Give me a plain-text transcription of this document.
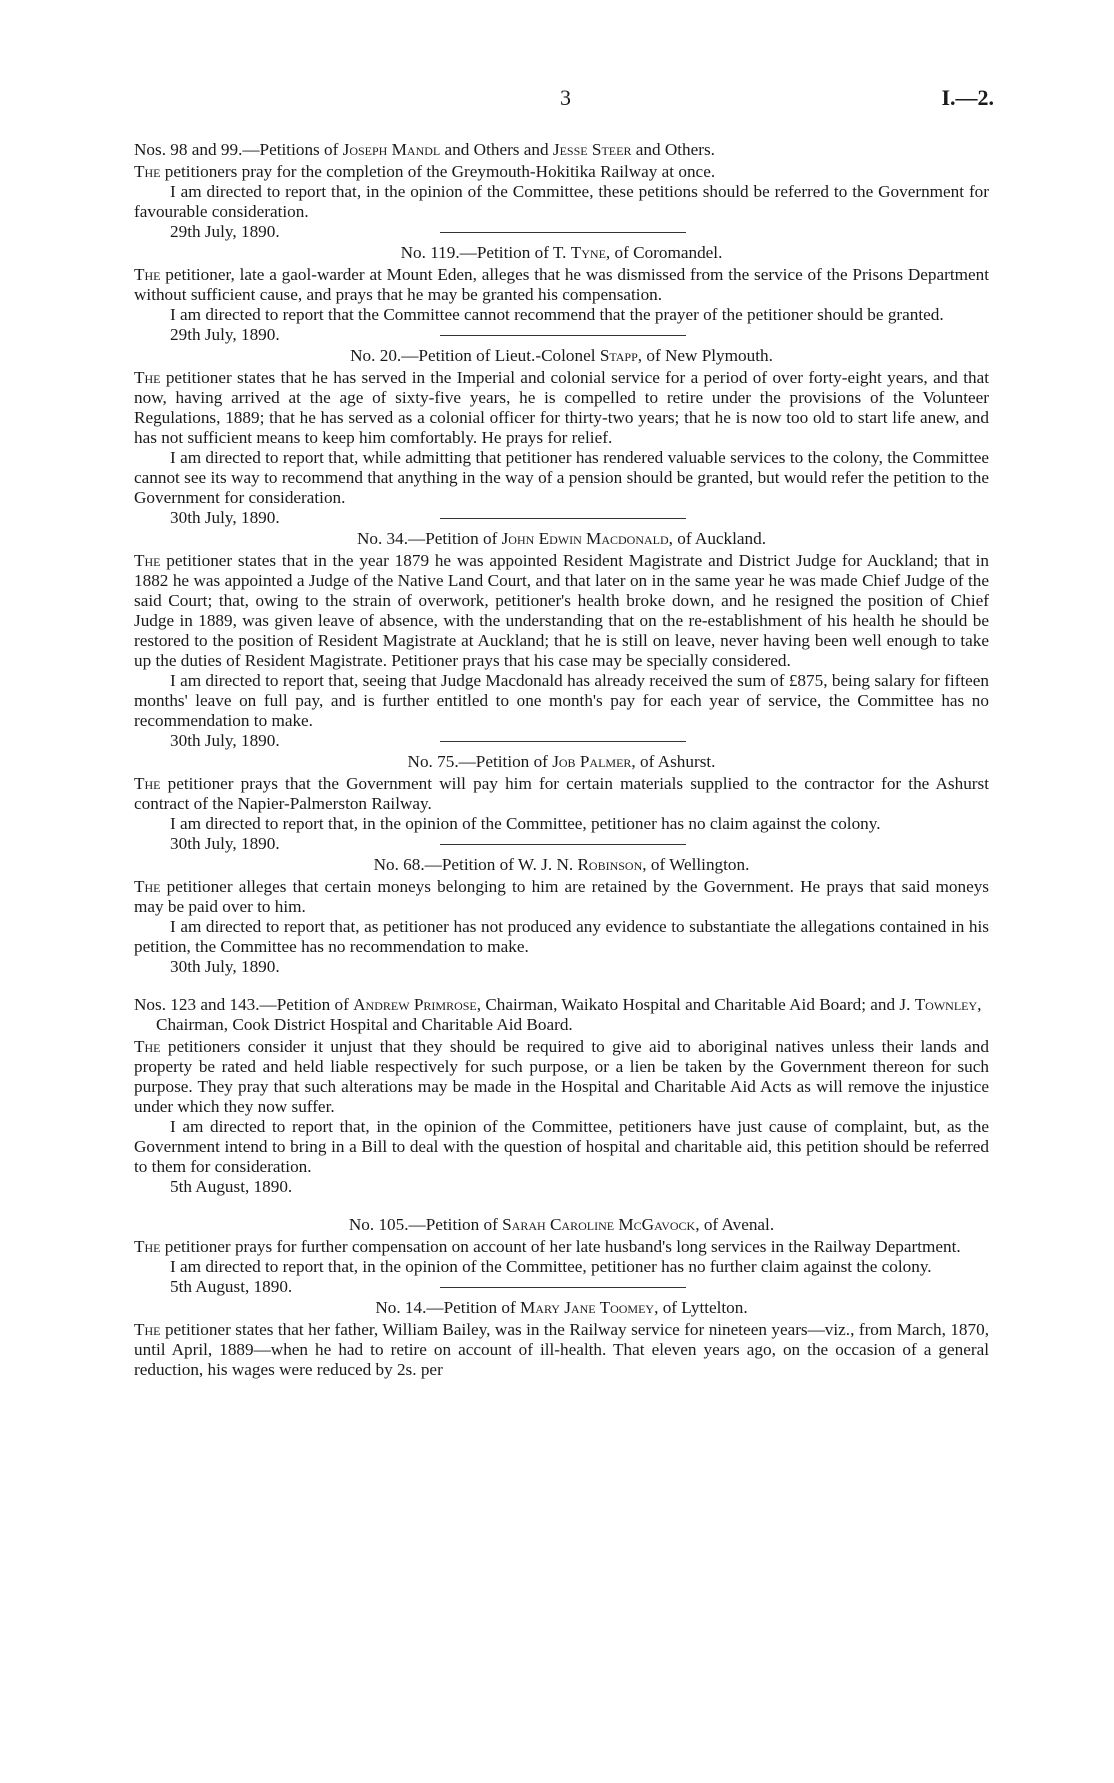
3	I.—2.

Nos. 98 and 99.—Petitions of Joseph Mandl and Others and Jesse Steer and Others.

The petitioners pray for the completion of the Greymouth-Hokitika Railway at once.

I am directed to report that, in the opinion of the Committee, these petitions should be referred to the Government for favourable consideration.

29th July, 1890.

No. 119.—Petition of T. Tyne, of Coromandel.

The petitioner, late a gaol-warder at Mount Eden, alleges that he was dismissed from the service of the Prisons Department without sufficient cause, and prays that he may be granted his compensation.

I am directed to report that the Committee cannot recommend that the prayer of the petitioner should be granted.

29th July, 1890.

No. 20.—Petition of Lieut.-Colonel Stapp, of New Plymouth.

The petitioner states that he has served in the Imperial and colonial service for a period of over forty-eight years, and that now, having arrived at the age of sixty-five years, he is compelled to retire under the provisions of the Volunteer Regulations, 1889; that he has served as a colonial officer for thirty-two years; that he is now too old to start life anew, and has not sufficient means to keep him comfortably. He prays for relief.

I am directed to report that, while admitting that petitioner has rendered valuable services to the colony, the Committee cannot see its way to recommend that anything in the way of a pension should be granted, but would refer the petition to the Government for consideration.

30th July, 1890.

No. 34.—Petition of John Edwin Macdonald, of Auckland.

The petitioner states that in the year 1879 he was appointed Resident Magistrate and District Judge for Auckland; that in 1882 he was appointed a Judge of the Native Land Court, and that later on in the same year he was made Chief Judge of the said Court; that, owing to the strain of overwork, petitioner's health broke down, and he resigned the position of Chief Judge in 1889, was given leave of absence, with the understanding that on the re-establishment of his health he should be restored to the position of Resident Magistrate at Auckland; that he is still on leave, never having been well enough to take up the duties of Resident Magistrate. Petitioner prays that his case may be specially considered.

I am directed to report that, seeing that Judge Macdonald has already received the sum of £875, being salary for fifteen months' leave on full pay, and is further entitled to one month's pay for each year of service, the Committee has no recommendation to make.

30th July, 1890.

No. 75.—Petition of Job Palmer, of Ashurst.

The petitioner prays that the Government will pay him for certain materials supplied to the contractor for the Ashurst contract of the Napier-Palmerston Railway.

I am directed to report that, in the opinion of the Committee, petitioner has no claim against the colony.

30th July, 1890.

No. 68.—Petition of W. J. N. Robinson, of Wellington.

The petitioner alleges that certain moneys belonging to him are retained by the Government. He prays that said moneys may be paid over to him.

I am directed to report that, as petitioner has not produced any evidence to substantiate the allegations contained in his petition, the Committee has no recommendation to make.

30th July, 1890.

Nos. 123 and 143.—Petition of Andrew Primrose, Chairman, Waikato Hospital and Charitable Aid Board; and J. Townley, Chairman, Cook District Hospital and Charitable Aid Board.

The petitioners consider it unjust that they should be required to give aid to aboriginal natives unless their lands and property be rated and held liable respectively for such purpose, or a lien be taken by the Government thereon for such purpose. They pray that such alterations may be made in the Hospital and Charitable Aid Acts as will remove the injustice under which they now suffer.

I am directed to report that, in the opinion of the Committee, petitioners have just cause of complaint, but, as the Government intend to bring in a Bill to deal with the question of hospital and charitable aid, this petition should be referred to them for consideration.

5th August, 1890.

No. 105.—Petition of Sarah Caroline McGavock, of Avenal.

The petitioner prays for further compensation on account of her late husband's long services in the Railway Department.

I am directed to report that, in the opinion of the Committee, petitioner has no further claim against the colony.

5th August, 1890.

No. 14.—Petition of Mary Jane Toomey, of Lyttelton.

The petitioner states that her father, William Bailey, was in the Railway service for nineteen years—viz., from March, 1870, until April, 1889—when he had to retire on account of ill-health. That eleven years ago, on the occasion of a general reduction, his wages were reduced by 2s. per
